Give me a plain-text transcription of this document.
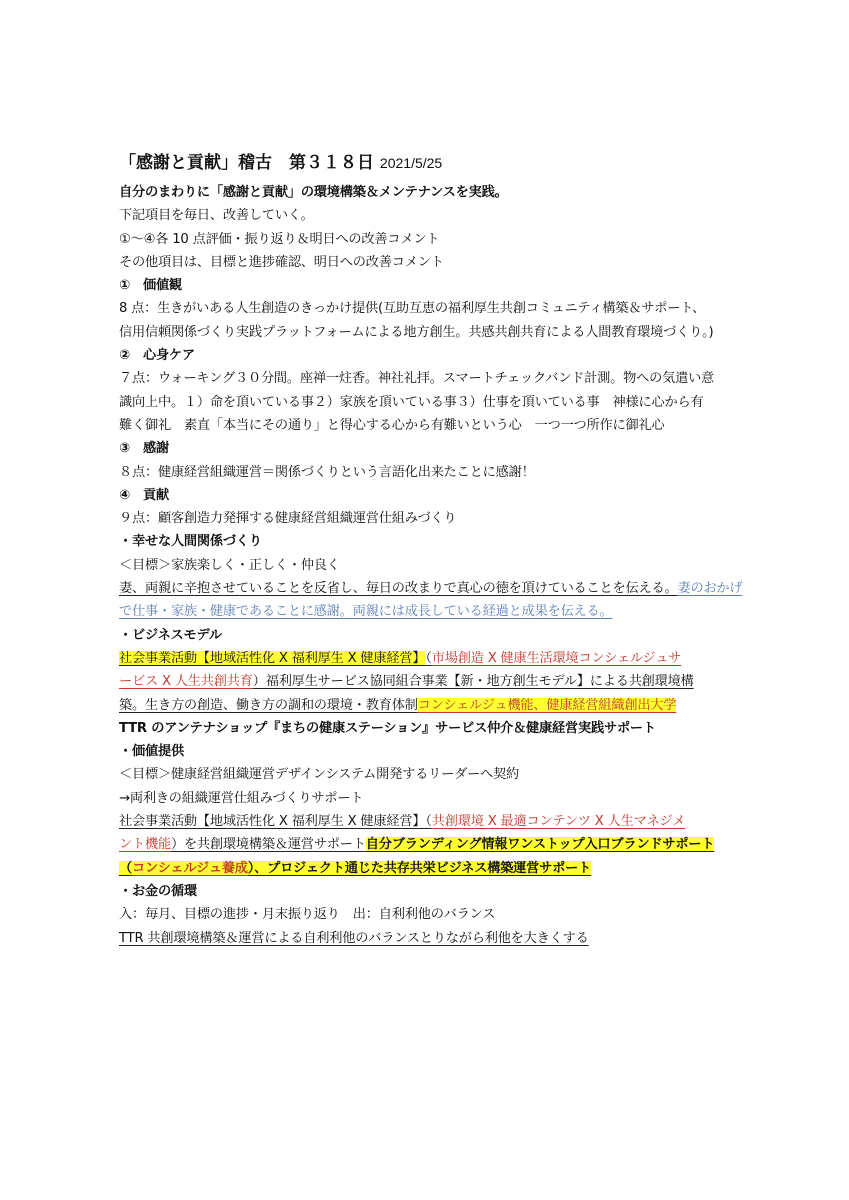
「感謝と貢献」稽古　第３１８日 2021/5/25
自分のまわりに「感謝と貢献」の環境構築＆メンテナンスを実践。
下記項目を毎日、改善していく。
①～④各 10 点評価・振り返り＆明日への改善コメント
その他項目は、目標と進捗確認、明日への改善コメント
①　価値観
8 点：生きがいある人生創造のきっかけ提供(互助互恵の福利厚生共創コミュニティ構築＆サポート、
信用信頼関係づくり実践プラットフォームによる地方創生。共感共創共育による人間教育環境づくり。)
②　心身ケア
７点：ウォーキング３０分間。座禅一炷香。神社礼拝。スマートチェックバンド計測。物への気遣い意
識向上中。１）命を頂いている事２）家族を頂いている事３）仕事を頂いている事　神様に心から有
難く御礼　素直「本当にその通り」と得心する心から有難いという心　一つ一つ所作に御礼心
③　感謝
８点：健康経営組織運営＝関係づくりという言語化出来たことに感謝！
④　貢献
９点：顧客創造力発揮する健康経営組織運営仕組みづくり
・幸せな人間関係づくり
＜目標＞家族楽しく・正しく・仲良く
妻、両親に辛抱させていることを反省し、毎日の改まりで真心の徳を頂けていることを伝える。妻のおかげ
で仕事・家族・健康であることに感謝。両親には成長している経過と成果を伝える。
・ビジネスモデル
社会事業活動【地域活性化 X 福利厚生 X 健康経営】（市場創造 X 健康生活環境コンシェルジュサ
ービス X 人生共創共育）福利厚生サービス協同組合事業【新・地方創生モデル】による共創環境構
築。生き方の創造、働き方の調和の環境・教育体制コンシェルジュ機能、健康経営組織創出大学
TTR のアンテナショップ『まちの健康ステーション』サービス仲介＆健康経営実践サポート
・価値提供
＜目標＞健康経営組織運営デザインシステム開発するリーダーへ契約
→両利きの組織運営仕組みづくりサポート
社会事業活動【地域活性化 X 福利厚生 X 健康経営】（共創環境 X 最適コンテンツ X 人生マネジメ
ント機能）を共創環境構築＆運営サポート自分ブランディング情報ワンストップ入口ブランドサポート
（コンシェルジュ養成）、プロジェクト通じた共存共栄ビジネス構築運営サポート
・お金の循環
入：毎月、目標の進捗・月末振り返り　出：自利利他のバランス
TTR 共創環境構築＆運営による自利利他のバランスとりながら利他を大きくする
